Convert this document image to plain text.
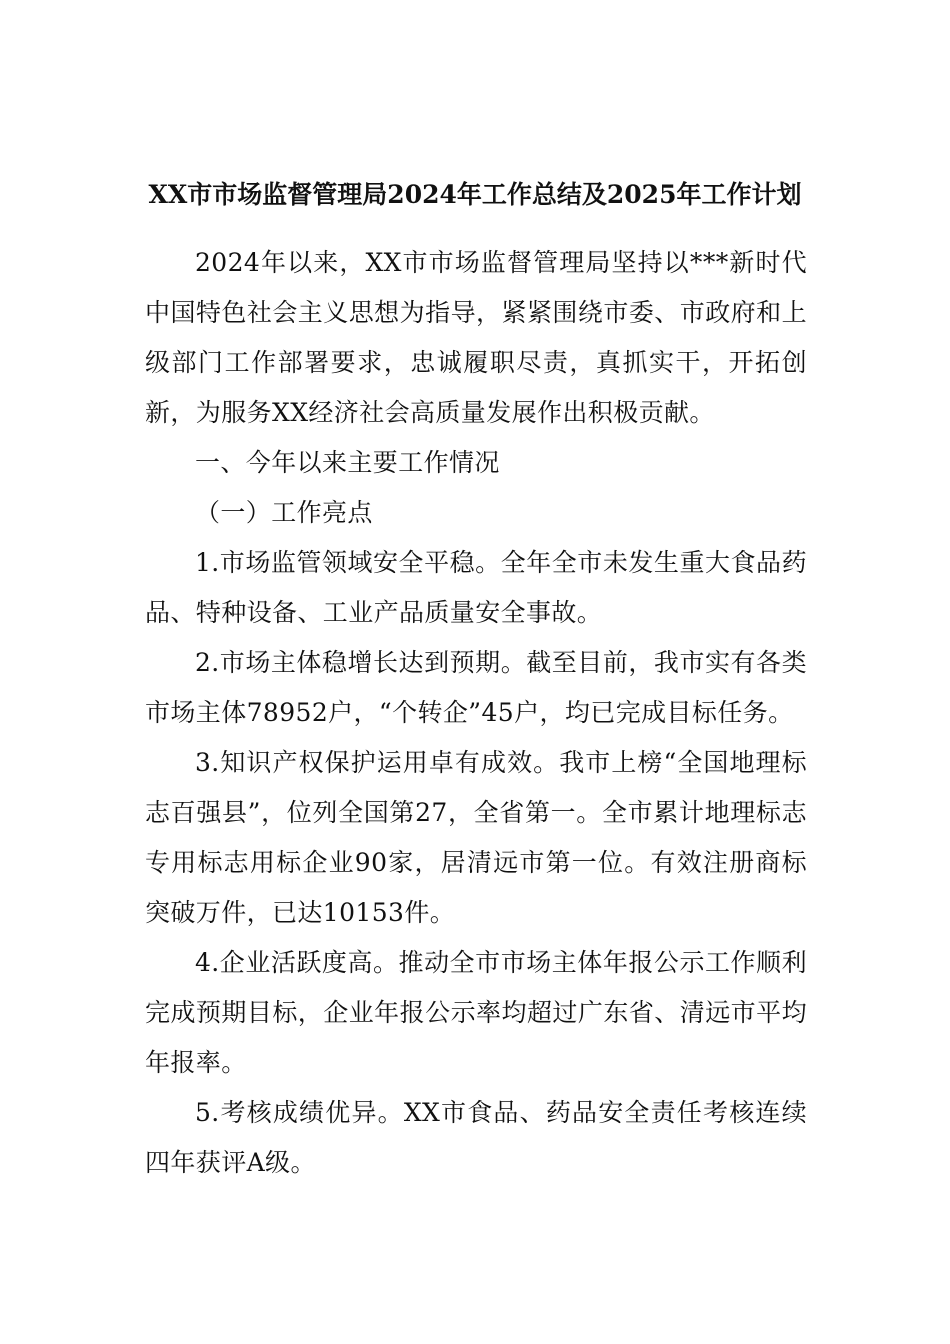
XX市市场监督管理局2024年工作总结及2025年工作计划

2024年以来，XX市市场监督管理局坚持以***新时代中国特色社会主义思想为指导，紧紧围绕市委、市政府和上级部门工作部署要求，忠诚履职尽责，真抓实干，开拓创新，为服务XX经济社会高质量发展作出积极贡献。

一、今年以来主要工作情况

（一）工作亮点

1.市场监管领域安全平稳。全年全市未发生重大食品药品、特种设备、工业产品质量安全事故。

2.市场主体稳增长达到预期。截至目前，我市实有各类市场主体78952户，“个转企”45户，均已完成目标任务。

3.知识产权保护运用卓有成效。我市上榜“全国地理标志百强县”，位列全国第27，全省第一。全市累计地理标志专用标志用标企业90家，居清远市第一位。有效注册商标突破万件，已达10153件。

4.企业活跃度高。推动全市市场主体年报公示工作顺利完成预期目标，企业年报公示率均超过广东省、清远市平均年报率。

5.考核成绩优异。XX市食品、药品安全责任考核连续四年获评A级。
